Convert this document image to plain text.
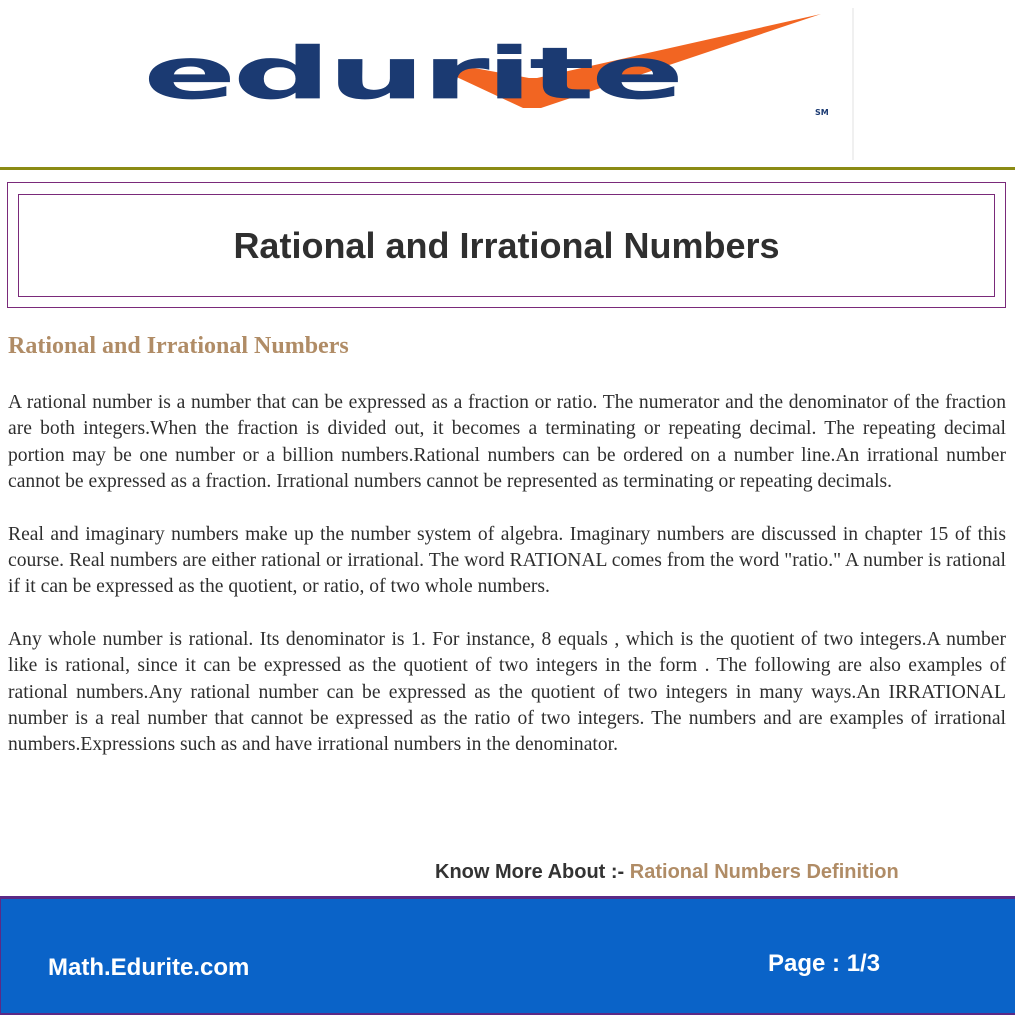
edurite	SM
Rational and Irrational Numbers
Rational and Irrational Numbers

A rational number is a number that can be expressed as a fraction or ratio. The numerator and the denominator of the fraction are both integers.When the fraction is divided out, it becomes a terminating or repeating decimal. The repeating decimal portion may be one number or a billion numbers.Rational numbers can be ordered on a number line.An irrational number cannot be expressed as a fraction. Irrational numbers cannot be represented as terminating or repeating decimals.

Real and imaginary numbers make up the number system of algebra. Imaginary numbers are discussed in chapter 15 of this course. Real numbers are either rational or irrational. The word RATIONAL comes from the word "ratio." A number is rational if it can be expressed as the quotient, or ratio, of two whole numbers.

Any whole number is rational. Its denominator is 1. For instance, 8 equals , which is the quotient of two integers.A number like is rational, since it can be expressed as the quotient of two integers in the form . The following are also examples of rational numbers.Any rational number can be expressed as the quotient of two integers in many ways.An IRRATIONAL number is a real number that cannot be expressed as the ratio of two integers. The numbers and are examples of irrational numbers.Expressions such as and have irrational numbers in the denominator.

Know More About :- Rational Numbers Definition
Math.Edurite.com	Page : 1/3
